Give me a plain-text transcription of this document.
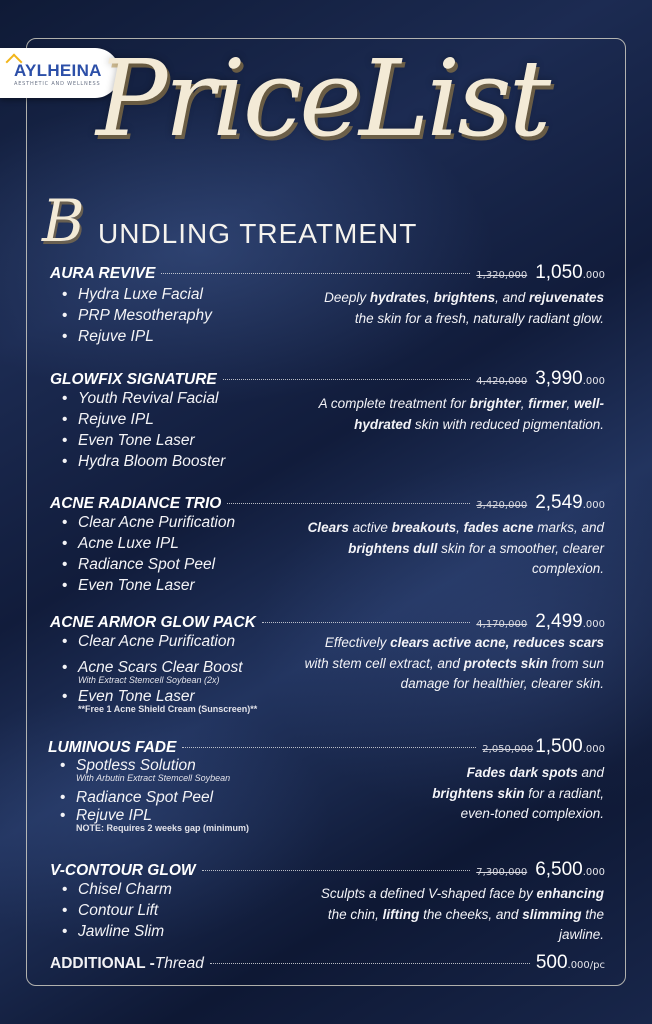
AYLHEINA
AESTHETIC AND WELLNESS
PriceList
B UNDLING TREATMENT
AURA REVIVE	1,320,000 1,050 .000
• Hydra Luxe Facial
• PRP Mesotheraphy
• Rejuve IPL
Deeply hydrates, brightens, and rejuvenates the skin for a fresh, naturally radiant glow.
GLOWFIX SIGNATURE	4,420,000 3,990 .000
• Youth Revival Facial
• Rejuve IPL
• Even Tone Laser
• Hydra Bloom Booster
A complete treatment for brighter, firmer, well-hydrated skin with reduced pigmentation.
ACNE RADIANCE TRIO	3,420,000 2,549 .000
• Clear Acne Purification
• Acne Luxe IPL
• Radiance Spot Peel
• Even Tone Laser
Clears active breakouts, fades acne marks, and brightens dull skin for a smoother, clearer complexion.
ACNE ARMOR GLOW PACK	4,170,000 2,499 .000
• Clear Acne Purification
• Acne Scars Clear Boost
With Extract Stemcell Soybean (2x)
• Even Tone Laser
**Free 1 Acne Shield Cream (Sunscreen)**
Effectively clears active acne, reduces scars with stem cell extract, and protects skin from sun damage for healthier, clearer skin.
LUMINOUS FADE	2,050,000 1,500 .000
• Spotless Solution
With Arbutin Extract Stemcell Soybean
• Radiance Spot Peel
• Rejuve IPL
NOTE: Requires 2 weeks gap (minimum)
Fades dark spots and brightens skin for a radiant, even-toned complexion.
V-CONTOUR GLOW	7,300,000 6,500 .000
• Chisel Charm
• Contour Lift
• Jawline Slim
Sculpts a defined V-shaped face by enhancing the chin, lifting the cheeks, and slimming the jawline.
ADDITIONAL - Thread	500 .000/pc
